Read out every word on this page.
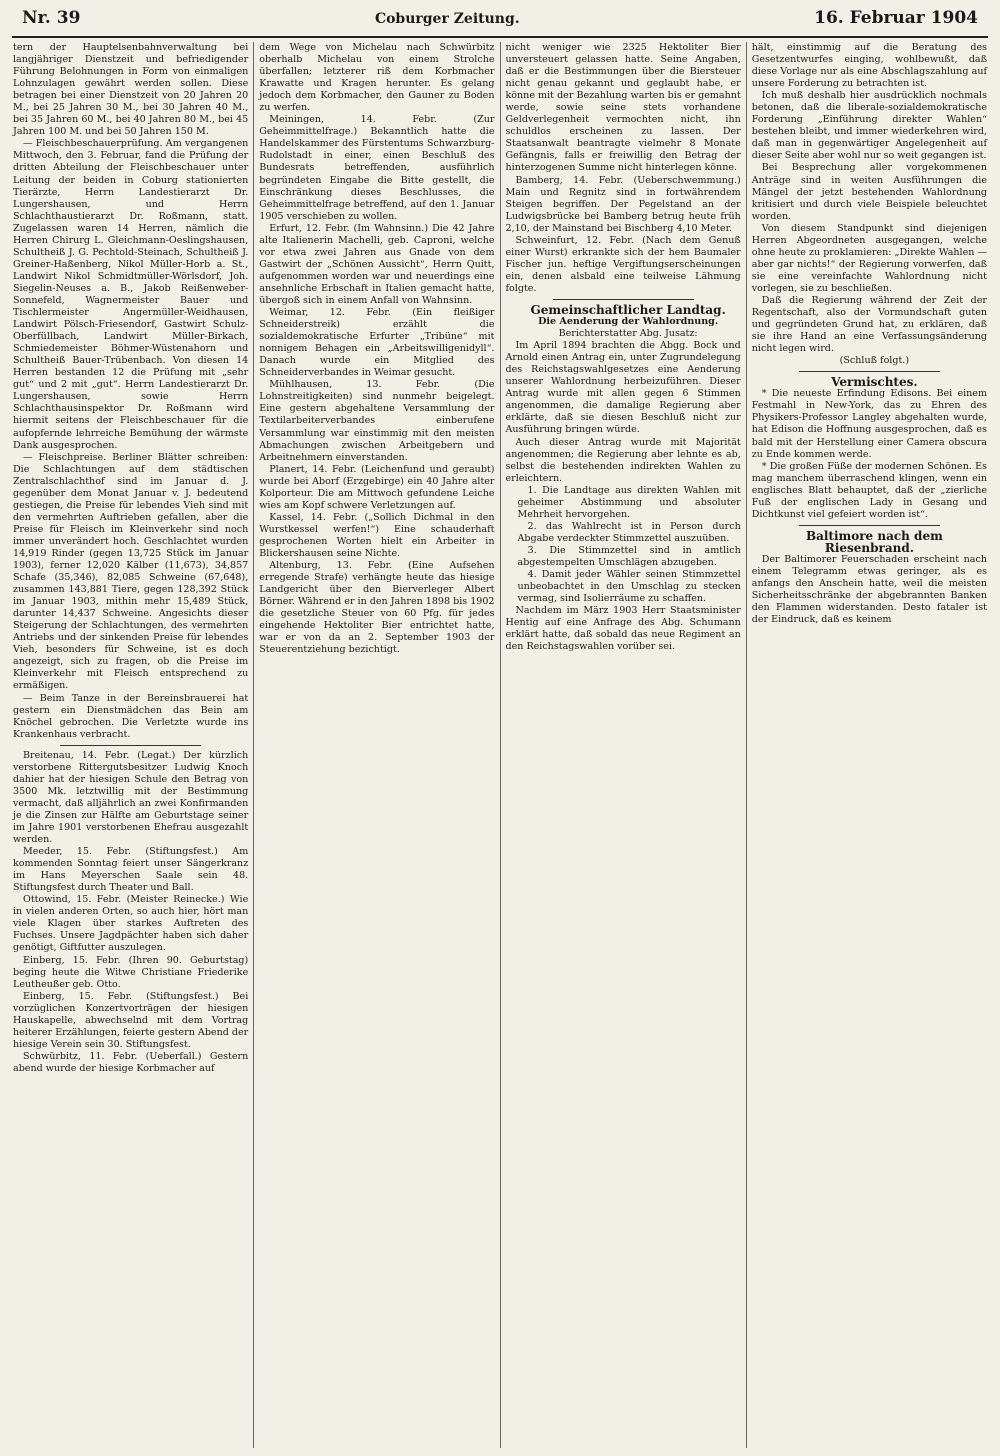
Nr. 39	Coburger Zeitung.	16. Februar 1904

tern der Hauptelsenbahnverwaltung bei langjähriger Dienstzeit und befriedigender Führung Belohnungen in Form von einmaligen Lohnzulagen gewährt werden sollen. Diese betragen bei einer Dienstzeit von 20 Jahren 20 M., bei 25 Jahren 30 M., bei 30 Jahren 40 M., bei 35 Jahren 60 M., bei 40 Jahren 80 M., bei 45 Jahren 100 M. und bei 50 Jahren 150 M.

— Fleischbeschauerprüfung. Am vergangenen Mittwoch, den 3. Februar, fand die Prüfung der dritten Abteilung der Fleischbeschauer unter Leitung der beiden in Coburg stationierten Tierärzte, Herrn Landestierarzt Dr. Lungershausen, und Herrn Schlachthaustierarzt Dr. Roßmann, statt. Zugelassen waren 14 Herren, nämlich die Herren Chirurg L. Gleichmann-Oeslingshausen, Schultheiß J. G. Pechtold-Steinach, Schultheiß J. Greiner-Haßenberg, Nikol Müller-Horb a. St., Landwirt Nikol Schmidtmüller-Wörlsdorf, Joh. Siegelin-Neuses a. B., Jakob Reißenweber-Sonnefeld, Wagnermeister Bauer und Tischlermeister Angermüller-Weidhausen, Landwirt Pölsch-Friesendorf, Gastwirt Schulz-Oberfüllbach, Landwirt Müller-Birkach, Schmiedemeister Böhmer-Wüstenahorn und Schultheiß Bauer-Trübenbach. Von diesen 14 Herren bestanden 12 die Prüfung mit „sehr gut“ und 2 mit „gut“. Herrn Landestierarzt Dr. Lungershausen, sowie Herrn Schlachthausinspektor Dr. Roßmann wird hiermit seitens der Fleischbeschauer für die aufopfernde lehrreiche Bemühung der wärmste Dank ausgesprochen.

— Fleischpreise. Berliner Blätter schreiben: Die Schlachtungen auf dem städtischen Zentralschlachthof sind im Januar d. J. gegenüber dem Monat Januar v. J. bedeutend gestiegen, die Preise für lebendes Vieh sind mit den vermehrten Auftrieben gefallen, aber die Preise für Fleisch im Kleinverkehr sind noch immer unverändert hoch. Geschlachtet wurden 14,919 Rinder (gegen 13,725 Stück im Januar 1903), ferner 12,020 Kälber (11,673), 34,857 Schafe (35,346), 82,085 Schweine (67,648), zusammen 143,881 Tiere, gegen 128,392 Stück im Januar 1903, mithin mehr 15,489 Stück, darunter 14,437 Schweine. Angesichts dieser Steigerung der Schlachtungen, des vermehrten Antriebs und der sinkenden Preise für lebendes Vieh, besonders für Schweine, ist es doch angezeigt, sich zu fragen, ob die Preise im Kleinverkehr mit Fleisch entsprechend zu ermäßigen.

— Beim Tanze in der Bereinsbrauerei hat gestern ein Dienstmädchen das Bein am Knöchel gebrochen. Die Verletzte wurde ins Krankenhaus verbracht.

Breitenau, 14. Febr. (Legat.) Der kürzlich verstorbene Rittergutsbesitzer Ludwig Knoch dahier hat der hiesigen Schule den Betrag von 3500 Mk. letztwillig mit der Bestimmung vermacht, daß alljährlich an zwei Konfirmanden je die Zinsen zur Hälfte am Geburtstage seiner im Jahre 1901 verstorbenen Ehefrau ausgezahlt werden.

Meeder, 15. Febr. (Stiftungsfest.) Am kommenden Sonntag feiert unser Sängerkranz im Hans Meyerschen Saale sein 48. Stiftungsfest durch Theater und Ball.

Ottowind, 15. Febr. (Meister Reinecke.) Wie in vielen anderen Orten, so auch hier, hört man viele Klagen über starkes Auftreten des Fuchses. Unsere Jagdpächter haben sich daher genötigt, Giftfutter auszulegen.

Einberg, 15. Febr. (Ihren 90. Geburtstag) beging heute die Witwe Christiane Friederike Leutheußer geb. Otto.

Einberg, 15. Febr. (Stiftungsfest.) Bei vorzüglichen Konzertvorträgen der hiesigen Hauskapelle, abwechselnd mit dem Vortrag heiterer Erzählungen, feierte gestern Abend der hiesige Verein sein 30. Stiftungsfest.

Schwürbitz, 11. Febr. (Ueberfall.) Gestern abend wurde der hiesige Korbmacher auf

dem Wege von Michelau nach Schwürbitz oberhalb Michelau von einem Strolche überfallen; letzterer riß dem Korbmacher Krawatte und Kragen herunter. Es gelang jedoch dem Korbmacher, den Gauner zu Boden zu werfen.

Meiningen, 14. Febr. (Zur Geheimmittelfrage.) Bekanntlich hatte die Handelskammer des Fürstentums Schwarzburg-Rudolstadt in einer, einen Beschluß des Bundesrats betreffenden, ausführlich begründeten Eingabe die Bitte gestellt, die Einschränkung dieses Beschlusses, die Geheimmittelfrage betreffend, auf den 1. Januar 1905 verschieben zu wollen.

Erfurt, 12. Febr. (Im Wahnsinn.) Die 42 Jahre alte Italienerin Machelli, geb. Caproni, welche vor etwa zwei Jahren aus Gnade von dem Gastwirt der „Schönen Aussicht“, Herrn Quitt, aufgenommen worden war und neuerdings eine ansehnliche Erbschaft in Italien gemacht hatte, übergoß sich in einem Anfall von Wahnsinn.

Weimar, 12. Febr. (Ein fleißiger Schneiderstreik) erzählt die sozialdemokratische Erfurter „Tribüne“ mit nonnigem Behagen ein „Arbeitswilligenidyll“. Danach wurde ein Mitglied des Schneiderverbandes in Weimar gesucht.

Mühlhausen, 13. Febr. (Die Lohnstreitigkeiten) sind nunmehr beigelegt. Eine gestern abgehaltene Versammlung der Textilarbeiterverbandes einberufene Versammlung war einstimmig mit den meisten Abmachungen zwischen Arbeitgebern und Arbeitnehmern einverstanden.

Planert, 14. Febr. (Leichenfund und geraubt) wurde bei Aborf (Erzgebirge) ein 40 Jahre alter Kolporteur. Die am Mittwoch gefundene Leiche wies am Kopf schwere Verletzungen auf.

Kassel, 14. Febr. („Sollich Dichmal in den Wurstkessel werfen!“) Eine schauderhaft gesprochenen Worten hielt ein Arbeiter in Blickershausen seine Nichte.

Altenburg, 13. Febr. (Eine Aufsehen erregende Strafe) verhängte heute das hiesige Landgericht über den Bierverleger Albert Börner. Während er in den Jahren 1898 bis 1902 die gesetzliche Steuer von 60 Pfg. für jedes eingehende Hektoliter Bier entrichtet hatte, war er von da an 2. September 1903 der Steuerentziehung bezichtigt.

nicht weniger wie 2325 Hektoliter Bier unversteuert gelassen hatte. Seine Angaben, daß er die Bestimmungen über die Biersteuer nicht genau gekannt und geglaubt habe, er könne mit der Bezahlung warten bis er gemahnt werde, sowie seine stets vorhandene Geldverlegenheit vermochten nicht, ihn schuldlos erscheinen zu lassen. Der Staatsanwalt beantragte vielmehr 8 Monate Gefängnis, falls er freiwillig den Betrag der hinterzogenen Summe nicht hinterlegen könne.

Bamberg, 14. Febr. (Ueberschwemmung.) Main und Regnitz sind in fortwährendem Steigen begriffen. Der Pegelstand an der Ludwigsbrücke bei Bamberg betrug heute früh 2,10, der Mainstand bei Bischberg 4,10 Meter.

Schweinfurt, 12. Febr. (Nach dem Genuß einer Wurst) erkrankte sich der hem Baumaler Fischer jun. heftige Vergiftungserscheinungen ein, denen alsbald eine teilweise Lähmung folgte.

Gemeinschaftlicher Landtag.

Die Aenderung der Wahlordnung.

Berichterstatter Abg. Jusatz:

Im April 1894 brachten die Abgg. Bock und Arnold einen Antrag ein, unter Zugrundelegung des Reichstagswahlgesetzes eine Aenderung unserer Wahlordnung herbeizuführen. Dieser Antrag wurde mit allen gegen 6 Stimmen angenommen, die damalige Regierung aber erklärte, daß sie diesen Beschluß nicht zur Ausführung bringen würde.

Auch dieser Antrag wurde mit Majorität angenommen; die Regierung aber lehnte es ab, selbst die bestehenden indirekten Wahlen zu erleichtern.

1. Die Landtage aus direkten Wahlen mit geheimer Abstimmung und absoluter Mehrheit hervorgehen.

2. das Wahlrecht ist in Person durch Abgabe verdeckter Stimmzettel auszuüben.

3. Die Stimmzettel sind in amtlich abgestempelten Umschlägen abzugeben.

4. Damit jeder Wähler seinen Stimmzettel unbeobachtet in den Umschlag zu stecken vermag, sind Isolierräume zu schaffen.

Nachdem im März 1903 Herr Staatsminister Hentig auf eine Anfrage des Abg. Schumann erklärt hatte, daß sobald das neue Regiment an den Reichstagswahlen vorüber sei.

hält, einstimmig auf die Beratung des Gesetzentwurfes einging, wohlbewußt, daß diese Vorlage nur als eine Abschlagszahlung auf unsere Forderung zu betrachten ist.

Ich muß deshalb hier ausdrücklich nochmals betonen, daß die liberale-sozialdemokratische Forderung „Einführung direkter Wahlen“ bestehen bleibt, und immer wiederkehren wird, daß man in gegenwärtiger Angelegenheit auf dieser Seite aber wohl nur so weit gegangen ist.

Bei Besprechung aller vorgekommenen Anträge sind in weiten Ausführungen die Mängel der jetzt bestehenden Wahlordnung kritisiert und durch viele Beispiele beleuchtet worden.

Von diesem Standpunkt sind diejenigen Herren Abgeordneten ausgegangen, welche ohne heute zu proklamieren: „Direkte Wahlen — aber gar nichts!“ der Regierung vorwerfen, daß sie eine vereinfachte Wahlordnung nicht vorlegen, sie zu beschließen.

Daß die Regierung während der Zeit der Regentschaft, also der Vormundschaft guten und gegründeten Grund hat, zu erklären, daß sie ihre Hand an eine Verfassungsänderung nicht legen wird.

(Schluß folgt.)

Vermischtes.

* Die neueste Erfindung Edisons. Bei einem Festmahl in New-York, das zu Ehren des Physikers-Professor Langley abgehalten wurde, hat Edison die Hoffnung ausgesprochen, daß es bald mit der Herstellung einer Camera obscura zu Ende kommen werde.

* Die großen Füße der modernen Schönen. Es mag manchem überraschend klingen, wenn ein englisches Blatt behauptet, daß der „zierliche Fuß der englischen Lady in Gesang und Dichtkunst viel gefeiert worden ist“.

Baltimore nach dem Riesenbrand.

Der Baltimorer Feuerschaden erscheint nach einem Telegramm etwas geringer, als es anfangs den Anschein hatte, weil die meisten Sicherheitsschränke der abgebrannten Banken den Flammen widerstanden. Desto fataler ist der Eindruck, daß es keinem
